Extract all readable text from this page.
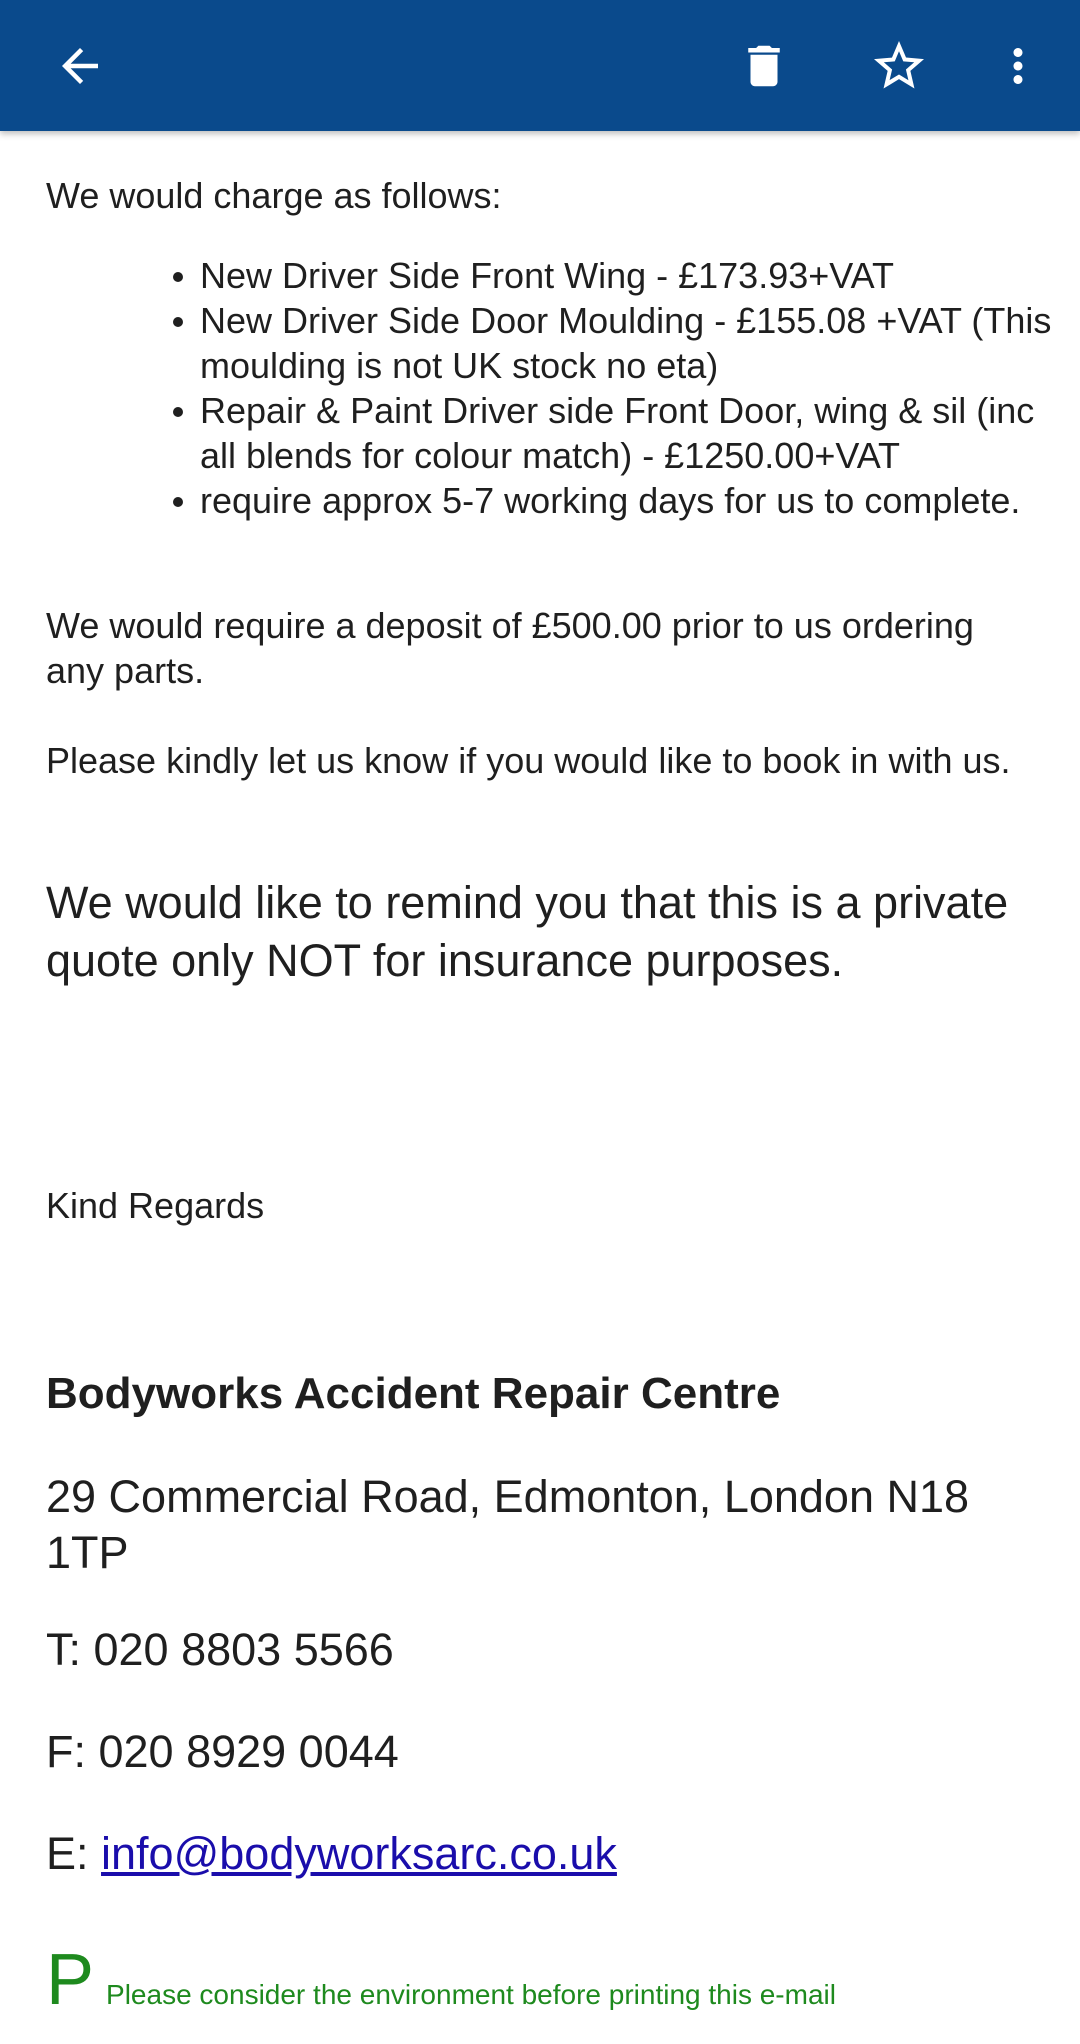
We would charge as follows:

New Driver Side Front Wing - £173.93+VAT
New Driver Side Door Moulding - £155.08 +VAT (This moulding is not UK stock no eta)
Repair & Paint Driver side Front Door, wing & sil (inc all blends for colour match) - £1250.00+VAT
require approx 5-7 working days for us to complete.

We would require a deposit of £500.00 prior to us ordering any parts.

Please kindly let us know if you would like to book in with us.

We would like to remind you that this is a private quote only NOT for insurance purposes.

Kind Regards

Bodyworks Accident Repair Centre

29 Commercial Road, Edmonton, London N18 1TP

T: 020 8803 5566

F: 020 8929 0044

E: info@bodyworksarc.co.uk

P Please consider the environment before printing this e-mail
